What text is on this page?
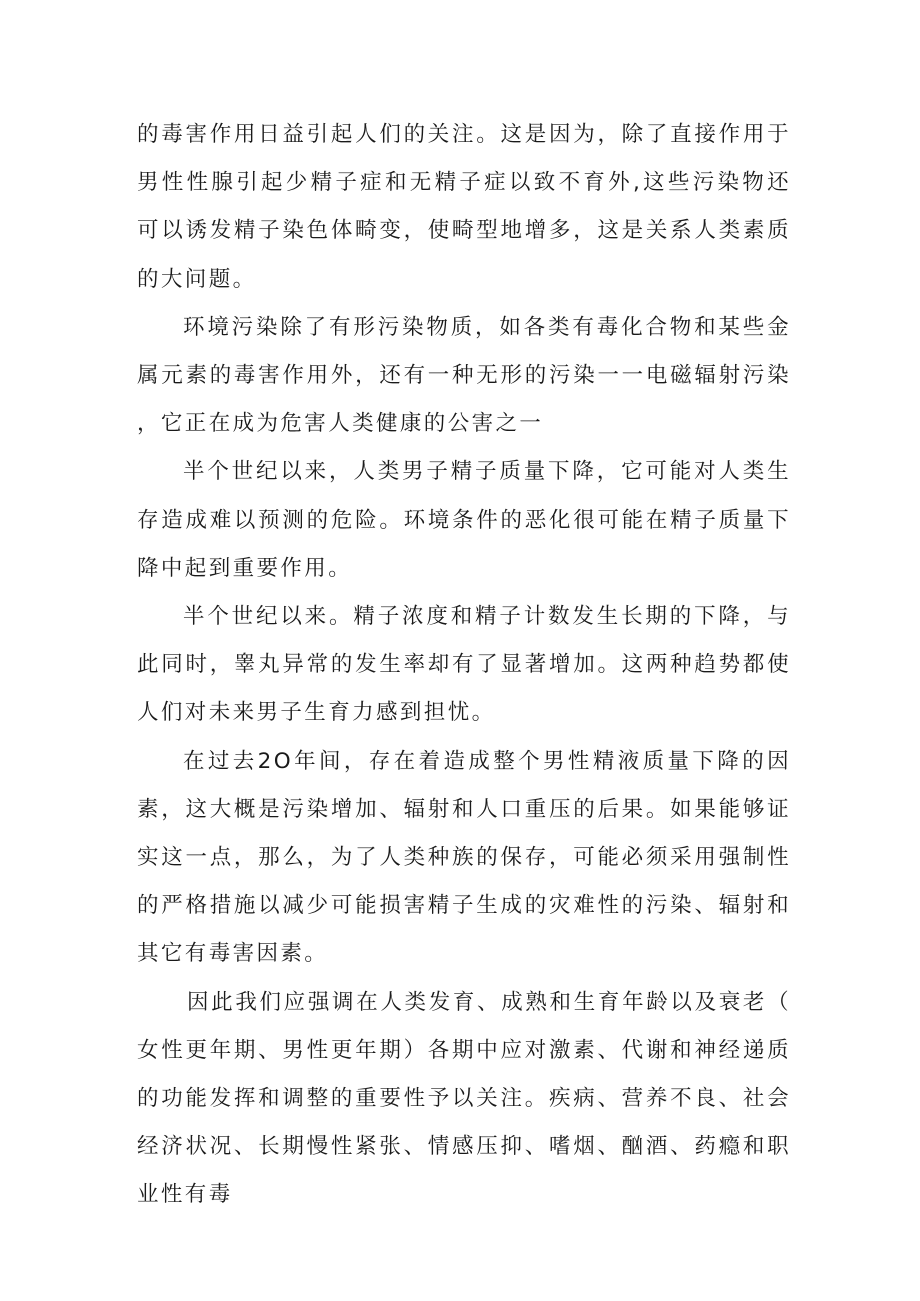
的毒害作用日益引起人们的关注。这是因为，除了直接作用于男性性腺引起少精子症和无精子症以致不育外,这些污染物还可以诱发精子染色体畸变，使畸型地增多，这是关系人类素质的大问题。

环境污染除了有形污染物质，如各类有毒化合物和某些金属元素的毒害作用外，还有一种无形的污染一一电磁辐射污染，它正在成为危害人类健康的公害之一

半个世纪以来，人类男子精子质量下降，它可能对人类生存造成难以预测的危险。环境条件的恶化很可能在精子质量下降中起到重要作用。

半个世纪以来。精子浓度和精子计数发生长期的下降，与此同时，睾丸异常的发生率却有了显著增加。这两种趋势都使人们对未来男子生育力感到担忧。

在过去2O年间，存在着造成整个男性精液质量下降的因素，这大概是污染增加、辐射和人口重压的后果。如果能够证实这一点，那么，为了人类种族的保存，可能必须采用强制性的严格措施以减少可能损害精子生成的灾难性的污染、辐射和其它有毒害因素。

因此我们应强调在人类发育、成熟和生育年龄以及衰老（女性更年期、男性更年期）各期中应对激素、代谢和神经递质的功能发挥和调整的重要性予以关注。疾病、营养不良、社会经济状况、长期慢性紧张、情感压抑、嗜烟、酗酒、药瘾和职业性有毒
